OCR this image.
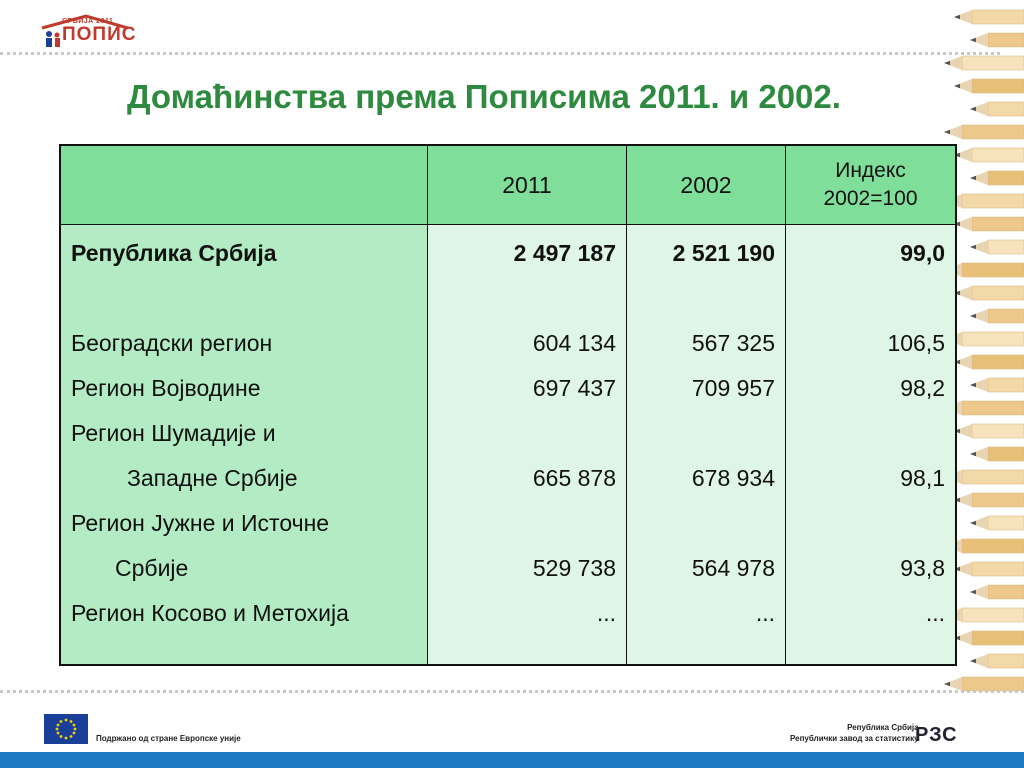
СРБИЈА 2011
ПОПИС
Домаћинства према Пописима 2011. и 2002.
	2011	2002	Индекс
2002=100

Република Србија	2 497 187	2 521 190	99,0
Београдски регион	604 134	567 325	106,5
Регион Војводине	697 437	709 957	98,2

Регион Шумадије и
Западне Србије	665 878	678 934	98,1

Регион Јужне и Источне
Србије	529 738	564 978	93,8

Регион Косово и Метохија	...	...	...
Подржано од стране Европске уније
Република Србија
Републички завод за статистику
РЗС
